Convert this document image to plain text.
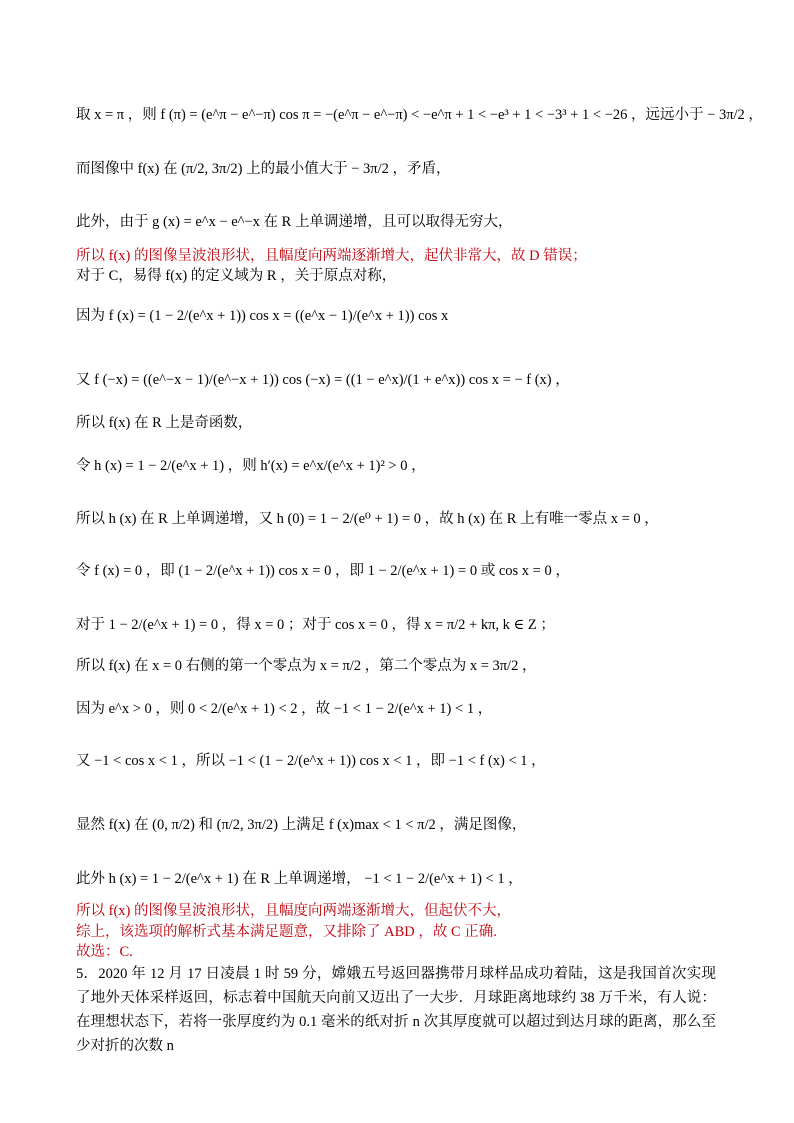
取 x = π ，则 f (π) = (e^π − e^−π) cos π = −(e^π − e^−π) < −e^π + 1 < −e³ + 1 < −3³ + 1 < −26 ，远远小于 − 3π/2 ，
而图像中 f(x) 在 (π/2, 3π/2) 上的最小值大于 − 3π/2 ，矛盾，
此外，由于 g (x) = e^x − e^−x 在 R 上单调递增，且可以取得无穷大，
所以 f(x) 的图像呈波浪形状，且幅度向两端逐渐增大，起伏非常大，故 D 错误；
对于 C，易得 f(x) 的定义域为 R ，关于原点对称，
因为 f (x) = (1 − 2/(e^x + 1)) cos x = ((e^x − 1)/(e^x + 1)) cos x
又 f (−x) = ((e^−x − 1)/(e^−x + 1)) cos (−x) = ((1 − e^x)/(1 + e^x)) cos x = − f (x) ，
所以 f(x) 在 R 上是奇函数，
令 h (x) = 1 − 2/(e^x + 1) ，则 h′(x) = e^x/(e^x + 1)² > 0 ，
所以 h (x) 在 R 上单调递增，又 h (0) = 1 − 2/(e⁰ + 1) = 0 ，故 h (x) 在 R 上有唯一零点 x = 0 ，
令 f (x) = 0 ，即 (1 − 2/(e^x + 1)) cos x = 0 ，即 1 − 2/(e^x + 1) = 0 或 cos x = 0 ，
对于 1 − 2/(e^x + 1) = 0 ，得 x = 0 ；对于 cos x = 0 ，得 x = π/2 + kπ, k ∈ Z ；
所以 f(x) 在 x = 0 右侧的第一个零点为 x = π/2 ，第二个零点为 x = 3π/2 ，
因为 e^x > 0 ，则 0 < 2/(e^x + 1) < 2 ，故 −1 < 1 − 2/(e^x + 1) < 1 ，
又 −1 < cos x < 1 ，所以 −1 < (1 − 2/(e^x + 1)) cos x < 1 ，即 −1 < f (x) < 1 ，
显然 f(x) 在 (0, π/2) 和 (π/2, 3π/2) 上满足 f (x)max < 1 < π/2 ，满足图像，
此外 h (x) = 1 − 2/(e^x + 1) 在 R 上单调递增， −1 < 1 − 2/(e^x + 1) < 1 ，
所以 f(x) 的图像呈波浪形状，且幅度向两端逐渐增大，但起伏不大，
综上，该选项的解析式基本满足题意，又排除了 ABD ，故 C 正确.
故选：C.
5．2020 年 12 月 17 日凌晨 1 时 59 分，嫦娥五号返回器携带月球样品成功着陆，这是我国首次实现了地外天体采样返回，标志着中国航天向前又迈出了一大步．月球距离地球约 38 万千米，有人说：在理想状态下，若将一张厚度约为 0.1 毫米的纸对折 n 次其厚度就可以超过到达月球的距离，那么至少对折的次数 n
